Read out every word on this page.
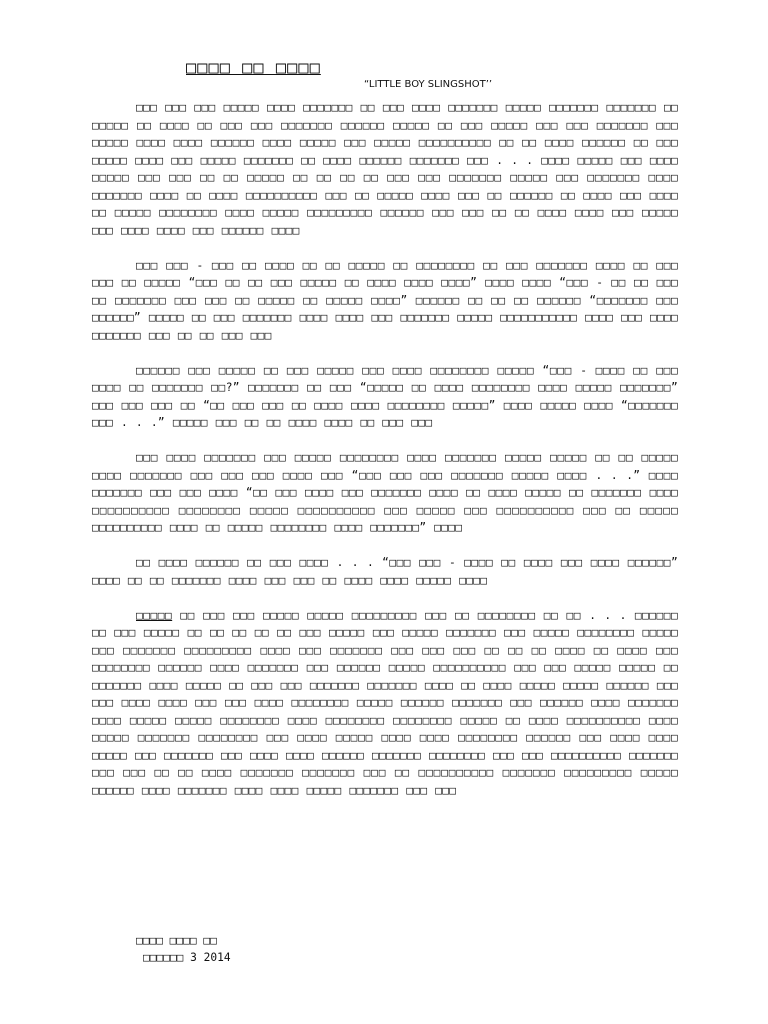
□□□□ □□ □□□□
“LITTLE BOY SLINGSHOT’’

□□□ □□□ □□□ □□□□□ □□□□ □□□□□□□ □□ □□□ □□□□ □□□□□□□ □□□□□ □□□□□□□ □□□□□□□ □□ □□□□□ □□ □□□□ □□ □□□ □□□ □□□□□□□ □□□□□□ □□□□□ □□ □□□ □□□□□ □□□ □□□ □□□□□□□ □□□ □□□□□ □□□□ □□□□ □□□□□□ □□□□ □□□□□ □□□ □□□□□ □□□□□□□□□□ □□ □□ □□□□ □□□□□□ □□ □□□ □□□□□ □□□□ □□□ □□□□□ □□□□□□□ □□ □□□□ □□□□□□ □□□□□□□ □□□ . . . □□□□ □□□□□ □□□ □□□□ □□□□□ □□□ □□□ □□ □□ □□□□□ □□ □□ □□ □□ □□□ □□□ □□□□□□□ □□□□□ □□□ □□□□□□□ □□□□ □□□□□□□ □□□□ □□ □□□□ □□□□□□□□□□ □□□ □□ □□□□□ □□□□ □□□ □□ □□□□□□ □□ □□□□ □□□ □□□□ □□ □□□□□ □□□□□□□□ □□□□ □□□□□ □□□□□□□□□ □□□□□□ □□□ □□□ □□ □□ □□□□ □□□□ □□□ □□□□□ □□□ □□□□ □□□□ □□□ □□□□□□ □□□□

□□□ □□□ - □□□ □□ □□□□ □□ □□ □□□□□ □□ □□□□□□□□ □□ □□□ □□□□□□□ □□□□ □□ □□□ □□□ □□ □□□□□ “□□□ □□ □□ □□□ □□□□□ □□ □□□□ □□□□ □□□□” □□□□ □□□□ “□□□ - □□ □□ □□□ □□ □□□□□□□ □□□ □□□ □□ □□□□□ □□ □□□□□ □□□□” □□□□□□ □□ □□ □□ □□□□□□ “□□□□□□□ □□□ □□□□□□” □□□□□ □□ □□□ □□□□□□□ □□□□ □□□□ □□□ □□□□□□□ □□□□□ □□□□□□□□□□□ □□□□ □□□ □□□□ □□□□□□□ □□□ □□ □□ □□□ □□□

□□□□□□ □□□ □□□□□ □□ □□□ □□□□□ □□□ □□□□ □□□□□□□□ □□□□□ “□□□ - □□□□ □□ □□□ □□□□ □□ □□□□□□□ □□?” □□□□□□□ □□ □□□ “□□□□□ □□ □□□□ □□□□□□□□ □□□□ □□□□□ □□□□□□□” □□□ □□□ □□□ □□ “□□ □□□ □□□ □□ □□□□ □□□□ □□□□□□□□ □□□□□” □□□□ □□□□□ □□□□ “□□□□□□□ □□□ . . .” □□□□□ □□□ □□ □□ □□□□ □□□□ □□ □□□ □□□

□□□ □□□□ □□□□□□□ □□□ □□□□□ □□□□□□□□ □□□□ □□□□□□□ □□□□□ □□□□□ □□ □□ □□□□□ □□□□ □□□□□□□ □□□ □□□ □□□ □□□□ □□□ “□□□ □□□ □□□ □□□□□□□ □□□□□ □□□□ . . .” □□□□ □□□□□□□ □□□ □□□ □□□□ “□□ □□□ □□□□ □□□ □□□□□□□ □□□□ □□ □□□□ □□□□□ □□ □□□□□□□ □□□□ □□□□□□□□□□ □□□□□□□□ □□□□□ □□□□□□□□□□ □□□ □□□□□ □□□ □□□□□□□□□□ □□□ □□ □□□□□ □□□□□□□□□□ □□□□ □□ □□□□□ □□□□□□□□ □□□□ □□□□□□□” □□□□

□□ □□□□ □□□□□□ □□ □□□ □□□□ . . . “□□□ □□□ - □□□□ □□ □□□□ □□□ □□□□ □□□□□□” □□□□ □□ □□ □□□□□□□ □□□□ □□□ □□□ □□ □□□□ □□□□ □□□□□ □□□□

□□□□□ □□ □□□ □□□ □□□□□ □□□□□ □□□□□□□□□ □□□ □□ □□□□□□□□ □□ □□ . . . □□□□□□ □□ □□□ □□□□□ □□ □□ □□ □□ □□ □□□ □□□□□ □□□ □□□□□ □□□□□□□ □□□ □□□□□ □□□□□□□□ □□□□□ □□□ □□□□□□□ □□□□□□□□□ □□□□ □□□ □□□□□□□ □□□ □□□ □□□ □□ □□ □□ □□□□ □□ □□□□ □□□ □□□□□□□□ □□□□□□ □□□□ □□□□□□□ □□□ □□□□□□ □□□□□ □□□□□□□□□□ □□□ □□□ □□□□□ □□□□□ □□ □□□□□□□ □□□□ □□□□□ □□ □□□ □□□ □□□□□□□ □□□□□□□ □□□□ □□ □□□□ □□□□□ □□□□□ □□□□□□ □□□ □□□ □□□□ □□□□ □□□ □□□ □□□□ □□□□□□□□ □□□□□ □□□□□□ □□□□□□□ □□□ □□□□□□ □□□□ □□□□□□□ □□□□ □□□□□ □□□□□ □□□□□□□□ □□□□ □□□□□□□□ □□□□□□□□ □□□□□ □□ □□□□ □□□□□□□□□□ □□□□ □□□□□ □□□□□□□ □□□□□□□□ □□□ □□□□ □□□□□ □□□□ □□□□ □□□□□□□□ □□□□□□ □□□ □□□□ □□□□ □□□□□ □□□ □□□□□□□ □□□ □□□□ □□□□ □□□□□□ □□□□□□□ □□□□□□□□ □□□ □□□ □□□□□□□□□□ □□□□□□□ □□□ □□□ □□ □□ □□□□ □□□□□□□ □□□□□□□ □□□ □□ □□□□□□□□□□ □□□□□□□ □□□□□□□□□ □□□□□ □□□□□□ □□□□ □□□□□□□ □□□□ □□□□ □□□□□ □□□□□□□ □□□ □□□

□□□□ □□□□ □□
□□□□□□ 3 2014
